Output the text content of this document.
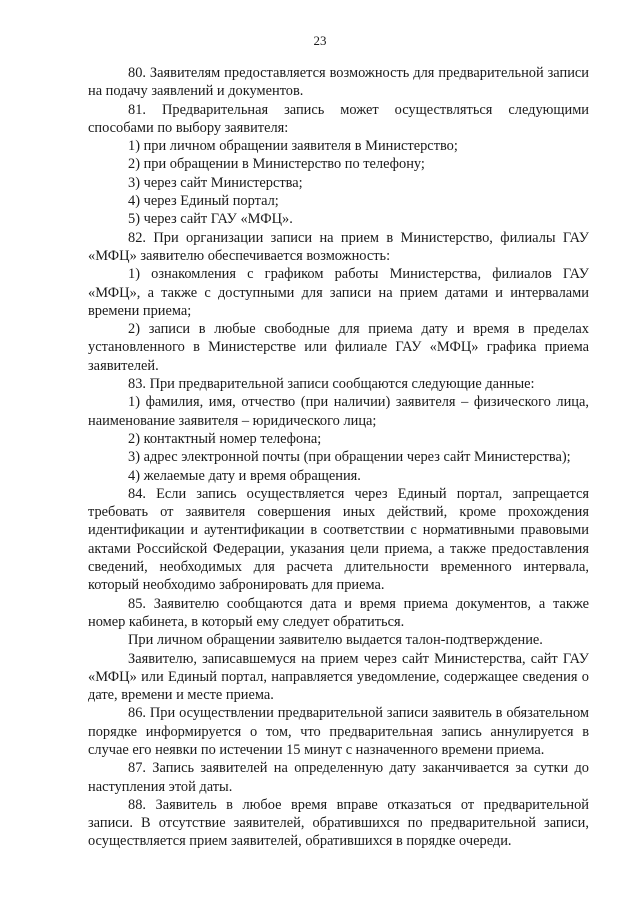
23

80. Заявителям предоставляется возможность для предварительной записи на подачу заявлений и документов.

81. Предварительная запись может осуществляться следующими способами по выбору заявителя:

1) при личном обращении заявителя в Министерство;

2) при обращении в Министерство по телефону;

3) через сайт Министерства;

4) через Единый портал;

5) через сайт ГАУ «МФЦ».

82. При организации записи на прием в Министерство, филиалы ГАУ «МФЦ» заявителю обеспечивается возможность:

1) ознакомления с графиком работы Министерства, филиалов ГАУ «МФЦ», а также с доступными для записи на прием датами и интервалами времени приема;

2) записи в любые свободные для приема дату и время в пределах установленного в Министерстве или филиале ГАУ «МФЦ» графика приема заявителей.

83. При предварительной записи сообщаются следующие данные:

1) фамилия, имя, отчество (при наличии) заявителя – физического лица, наименование заявителя – юридического лица;

2) контактный номер телефона;

3) адрес электронной почты (при обращении через сайт Министерства);

4) желаемые дату и время обращения.

84. Если запись осуществляется через Единый портал, запрещается требовать от заявителя совершения иных действий, кроме прохождения идентификации и аутентификации в соответствии с нормативными правовыми актами Российской Федерации, указания цели приема, а также предоставления сведений, необходимых для расчета длительности временного интервала, который необходимо забронировать для приема.

85. Заявителю сообщаются дата и время приема документов, а также номер кабинета, в который ему следует обратиться.

При личном обращении заявителю выдается талон-подтверждение.

Заявителю, записавшемуся на прием через сайт Министерства, сайт ГАУ «МФЦ» или Единый портал, направляется уведомление, содержащее сведения о дате, времени и месте приема.

86. При осуществлении предварительной записи заявитель в обязательном порядке информируется о том, что предварительная запись аннулируется в случае его неявки по истечении 15 минут с назначенного времени приема.

87. Запись заявителей на определенную дату заканчивается за сутки до наступления этой даты.

88. Заявитель в любое время вправе отказаться от предварительной записи. В отсутствие заявителей, обратившихся по предварительной записи, осуществляется прием заявителей, обратившихся в порядке очереди.
